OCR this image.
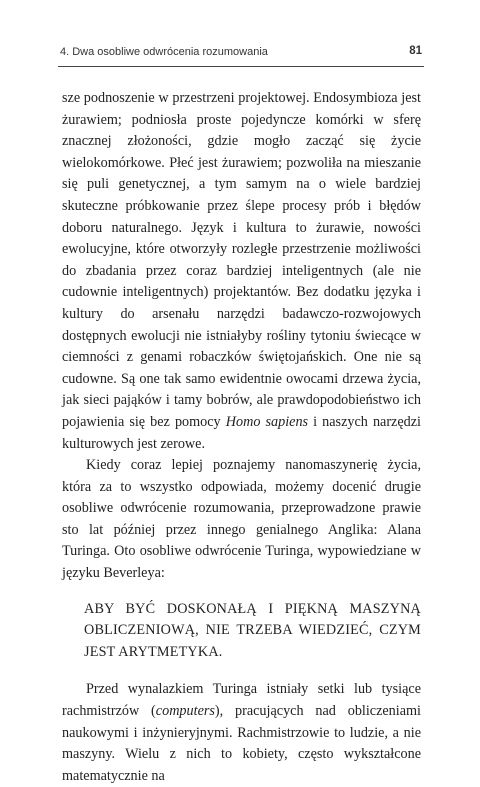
4. Dwa osobliwe odwrócenia rozumowania	81

sze podnoszenie w przestrzeni projektowej. Endosymbioza jest żurawiem; podniosła proste pojedyncze komórki w sferę znacznej złożoności, gdzie mogło zacząć się życie wielokomórkowe. Płeć jest żurawiem; pozwoliła na mieszanie się puli genetycznej, a tym samym na o wiele bardziej skuteczne próbkowanie przez ślepe procesy prób i błędów doboru naturalnego. Język i kultura to żurawie, nowości ewolucyjne, które otworzyły rozległe przestrzenie możliwości do zbadania przez coraz bardziej inteligentnych (ale nie cudownie inteligentnych) projektantów. Bez dodatku języka i kultury do arsenału narzędzi badawczo-rozwojowych dostępnych ewolucji nie istniałyby rośliny tytoniu świecące w ciemności z genami robaczków świętojańskich. One nie są cudowne. Są one tak samo ewidentnie owocami drzewa życia, jak sieci pająków i tamy bobrów, ale prawdopodobieństwo ich pojawienia się bez pomocy Homo sapiens i naszych narzędzi kulturowych jest zerowe.

Kiedy coraz lepiej poznajemy nanomaszynerię życia, która za to wszystko odpowiada, możemy docenić drugie osobliwe odwrócenie rozumowania, przeprowadzone prawie sto lat później przez innego genialnego Anglika: Alana Turinga. Oto osobliwe odwrócenie Turinga, wypowiedziane w języku Beverleya:

ABY BYĆ DOSKONAŁĄ I PIĘKNĄ MASZYNĄ OBLICZENIOWĄ, NIE TRZEBA WIEDZIEĆ, CZYM JEST ARYTMETYKA.

Przed wynalazkiem Turinga istniały setki lub tysiące rachmistrzów (computers), pracujących nad obliczeniami naukowymi i inżynieryjnymi. Rachmistrzowie to ludzie, a nie maszyny. Wielu z nich to kobiety, często wykształcone matematycznie na
